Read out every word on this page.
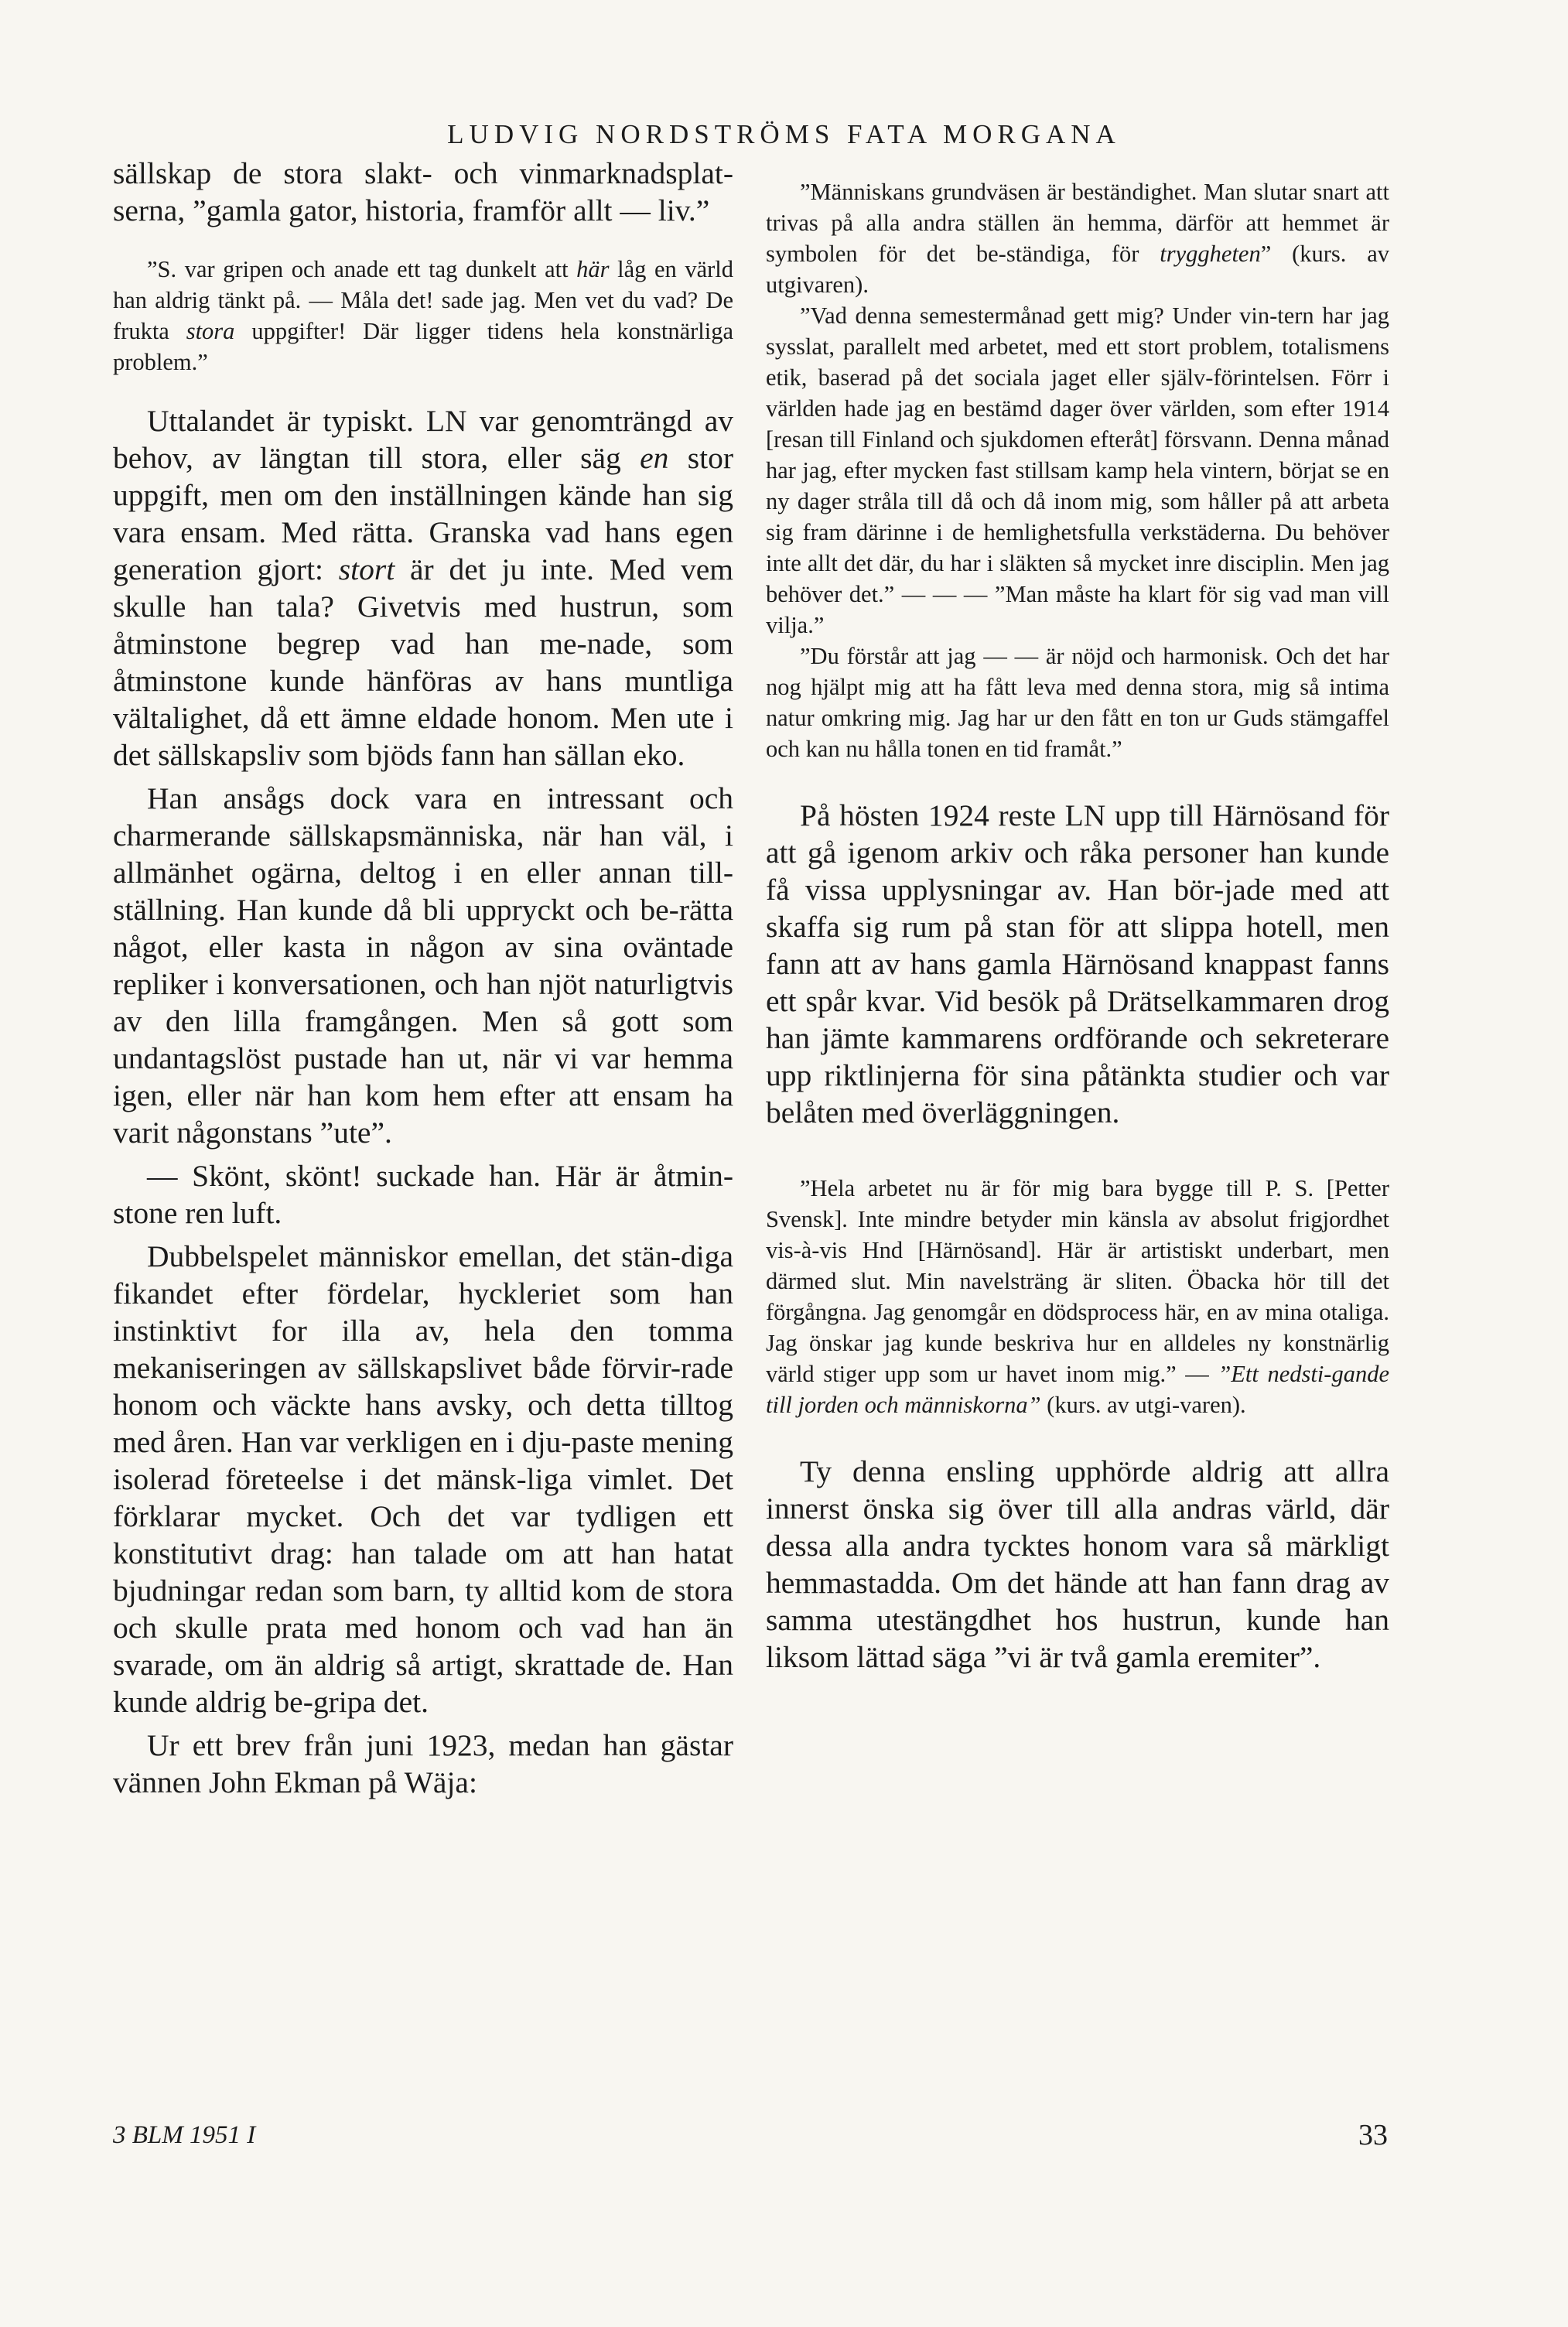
LUDVIG NORDSTRÖMS FATA MORGANA

sällskap de stora slakt- och vinmarknadsplat-serna, ”gamla gator, historia, framför allt — liv.”

”S. var gripen och anade ett tag dunkelt att här låg en värld han aldrig tänkt på. — Måla det! sade jag. Men vet du vad? De frukta stora uppgifter! Där ligger tidens hela konstnärliga problem.”

Uttalandet är typiskt. LN var genomträngd av behov, av längtan till stora, eller säg en stor uppgift, men om den inställningen kände han sig vara ensam. Med rätta. Granska vad hans egen generation gjort: stort är det ju inte. Med vem skulle han tala? Givetvis med hustrun, som åtminstone begrep vad han me-nade, som åtminstone kunde hänföras av hans muntliga vältalighet, då ett ämne eldade honom. Men ute i det sällskapsliv som bjöds fann han sällan eko.

Han ansågs dock vara en intressant och charmerande sällskapsmänniska, när han väl, i allmänhet ogärna, deltog i en eller annan till-ställning. Han kunde då bli uppryckt och be-rätta något, eller kasta in någon av sina oväntade repliker i konversationen, och han njöt naturligtvis av den lilla framgången. Men så gott som undantagslöst pustade han ut, när vi var hemma igen, eller när han kom hem efter att ensam ha varit någonstans ”ute”.

— Skönt, skönt! suckade han. Här är åtmin-stone ren luft.

Dubbelspelet människor emellan, det stän-diga fikandet efter fördelar, hyckleriet som han instinktivt for illa av, hela den tomma mekaniseringen av sällskapslivet både förvir-rade honom och väckte hans avsky, och detta tilltog med åren. Han var verkligen en i dju-paste mening isolerad företeelse i det mänsk-liga vimlet. Det förklarar mycket. Och det var tydligen ett konstitutivt drag: han talade om att han hatat bjudningar redan som barn, ty alltid kom de stora och skulle prata med honom och vad han än svarade, om än aldrig så artigt, skrattade de. Han kunde aldrig be-gripa det.

Ur ett brev från juni 1923, medan han gästar vännen John Ekman på Wäja:

”Människans grundväsen är beständighet. Man slutar snart att trivas på alla andra ställen än hemma, därför att hemmet är symbolen för det be-ständiga, för tryggheten” (kurs. av utgivaren).

”Vad denna semestermånad gett mig? Under vin-tern har jag sysslat, parallelt med arbetet, med ett stort problem, totalismens etik, baserad på det sociala jaget eller själv-förintelsen. Förr i världen hade jag en bestämd dager över världen, som efter 1914 [resan till Finland och sjukdomen efteråt] försvann. Denna månad har jag, efter mycken fast stillsam kamp hela vintern, börjat se en ny dager stråla till då och då inom mig, som håller på att arbeta sig fram därinne i de hemlighetsfulla verkstäderna. Du behöver inte allt det där, du har i släkten så mycket inre disciplin. Men jag behöver det.” — — — ”Man måste ha klart för sig vad man vill vilja.”

”Du förstår att jag — — är nöjd och harmonisk. Och det har nog hjälpt mig att ha fått leva med denna stora, mig så intima natur omkring mig. Jag har ur den fått en ton ur Guds stämgaffel och kan nu hålla tonen en tid framåt.”

På hösten 1924 reste LN upp till Härnösand för att gå igenom arkiv och råka personer han kunde få vissa upplysningar av. Han bör-jade med att skaffa sig rum på stan för att slippa hotell, men fann att av hans gamla Härnösand knappast fanns ett spår kvar. Vid besök på Drätselkammaren drog han jämte kammarens ordförande och sekreterare upp riktlinjerna för sina påtänkta studier och var belåten med överläggningen.

”Hela arbetet nu är för mig bara bygge till P. S. [Petter Svensk]. Inte mindre betyder min känsla av absolut frigjordhet vis-à-vis Hnd [Härnösand]. Här är artistiskt underbart, men därmed slut. Min navelsträng är sliten. Öbacka hör till det förgångna. Jag genomgår en dödsprocess här, en av mina otaliga. Jag önskar jag kunde beskriva hur en alldeles ny konstnärlig värld stiger upp som ur havet inom mig.” — ”Ett nedsti-gande till jorden och människorna” (kurs. av utgi-varen).

Ty denna ensling upphörde aldrig att allra innerst önska sig över till alla andras värld, där dessa alla andra tycktes honom vara så märkligt hemmastadda. Om det hände att han fann drag av samma utestängdhet hos hustrun, kunde han liksom lättad säga ”vi är två gamla eremiter”.

3 BLM 1951 I	33
